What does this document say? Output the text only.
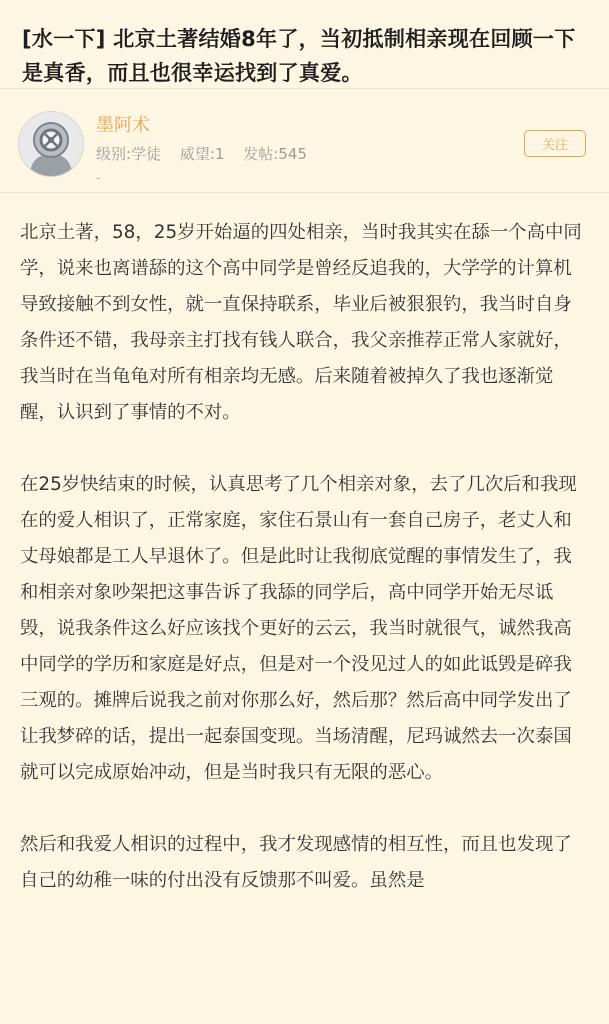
[水一下] 北京土著结婚8年了，当初抵制相亲现在回顾一下是真香，而且也很幸运找到了真爱。
墨阿术
级别:学徒 威望:1 发帖:545
-
关注

北京土著，58，25岁开始逼的四处相亲，当时我其实在舔一个高中同学，说来也离谱舔的这个高中同学是曾经反追我的，大学学的计算机导致接触不到女性，就一直保持联系，毕业后被狠狠钓，我当时自身条件还不错，我母亲主打找有钱人联合，我父亲推荐正常人家就好，我当时在当龟龟对所有相亲均无感。后来随着被掉久了我也逐渐觉醒，认识到了事情的不对。

在25岁快结束的时候，认真思考了几个相亲对象，去了几次后和我现在的爱人相识了，正常家庭，家住石景山有一套自己房子，老丈人和丈母娘都是工人早退休了。但是此时让我彻底觉醒的事情发生了，我和相亲对象吵架把这事告诉了我舔的同学后，高中同学开始无尽诋毁，说我条件这么好应该找个更好的云云，我当时就很气，诚然我高中同学的学历和家庭是好点，但是对一个没见过人的如此诋毁是碎我三观的。摊牌后说我之前对你那么好，然后那？然后高中同学发出了让我梦碎的话，提出一起泰国变现。当场清醒，尼玛诚然去一次泰国就可以完成原始冲动，但是当时我只有无限的恶心。

然后和我爱人相识的过程中，我才发现感情的相互性，而且也发现了自己的幼稚一味的付出没有反馈那不叫爱。虽然是
